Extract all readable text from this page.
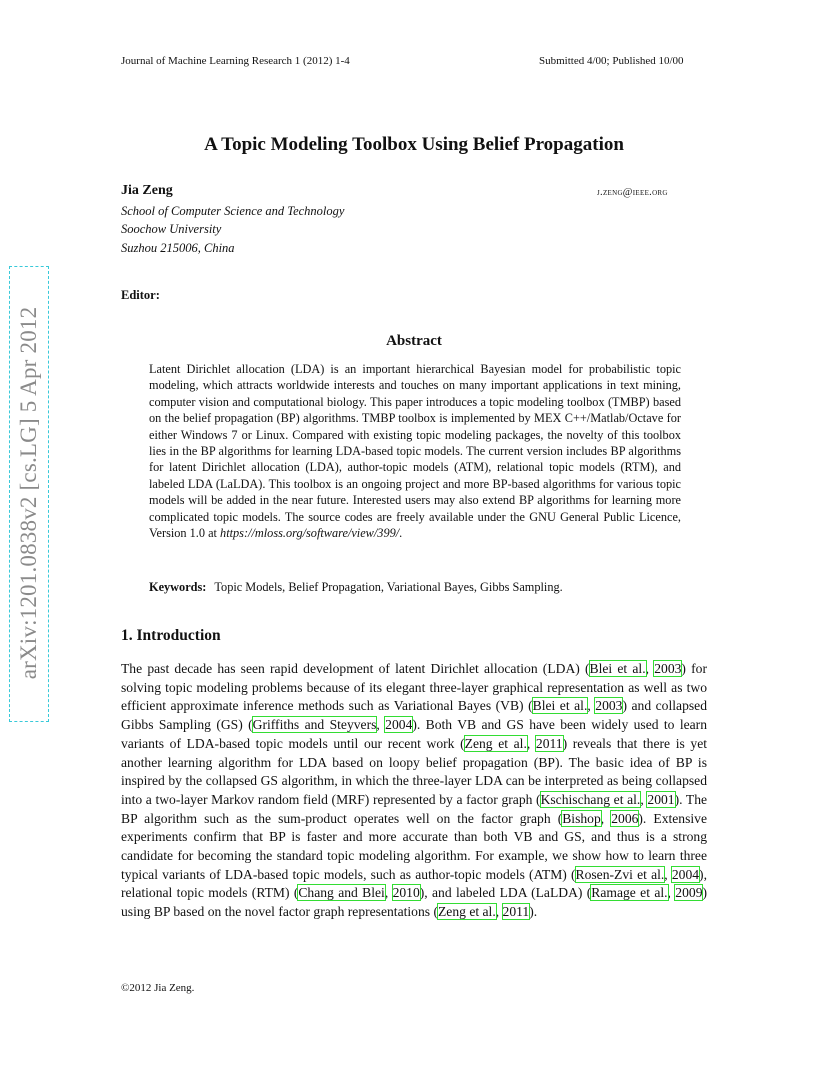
Journal of Machine Learning Research 1 (2012) 1-4	Submitted 4/00; Published 10/00
A Topic Modeling Toolbox Using Belief Propagation
Jia Zeng	j.zeng@ieee.org
School of Computer Science and Technology
Soochow University
Suzhou 215006, China
Editor:
Abstract
Latent Dirichlet allocation (LDA) is an important hierarchical Bayesian model for probabilistic topic modeling, which attracts worldwide interests and touches on many important applications in text mining, computer vision and computational biology. This paper introduces a topic modeling toolbox (TMBP) based on the belief propagation (BP) algorithms. TMBP toolbox is implemented by MEX C++/Matlab/Octave for either Windows 7 or Linux. Compared with existing topic modeling packages, the novelty of this toolbox lies in the BP algorithms for learning LDA-based topic models. The current version includes BP algorithms for latent Dirichlet allocation (LDA), author-topic models (ATM), relational topic models (RTM), and labeled LDA (LaLDA). This toolbox is an ongoing project and more BP-based algorithms for various topic models will be added in the near future. Interested users may also extend BP algorithms for learning more complicated topic models. The source codes are freely available under the GNU General Public Licence, Version 1.0 at https://mloss.org/software/view/399/.
Keywords: Topic Models, Belief Propagation, Variational Bayes, Gibbs Sampling.
1. Introduction
The past decade has seen rapid development of latent Dirichlet allocation (LDA) (Blei et al., 2003) for solving topic modeling problems because of its elegant three-layer graphical representation as well as two efficient approximate inference methods such as Variational Bayes (VB) (Blei et al., 2003) and collapsed Gibbs Sampling (GS) (Griffiths and Steyvers, 2004). Both VB and GS have been widely used to learn variants of LDA-based topic models until our recent work (Zeng et al., 2011) reveals that there is yet another learning algorithm for LDA based on loopy belief propagation (BP). The basic idea of BP is inspired by the collapsed GS algorithm, in which the three-layer LDA can be interpreted as being collapsed into a two-layer Markov random field (MRF) represented by a factor graph (Kschischang et al., 2001). The BP algorithm such as the sum-product operates well on the factor graph (Bishop, 2006). Extensive experiments confirm that BP is faster and more accurate than both VB and GS, and thus is a strong candidate for becoming the standard topic modeling algorithm. For example, we show how to learn three typical variants of LDA-based topic models, such as author-topic models (ATM) (Rosen-Zvi et al., 2004), relational topic models (RTM) (Chang and Blei, 2010), and labeled LDA (LaLDA) (Ramage et al., 2009) using BP based on the novel factor graph representations (Zeng et al., 2011).
©2012 Jia Zeng.
arXiv:1201.0838v2 [cs.LG] 5 Apr 2012
